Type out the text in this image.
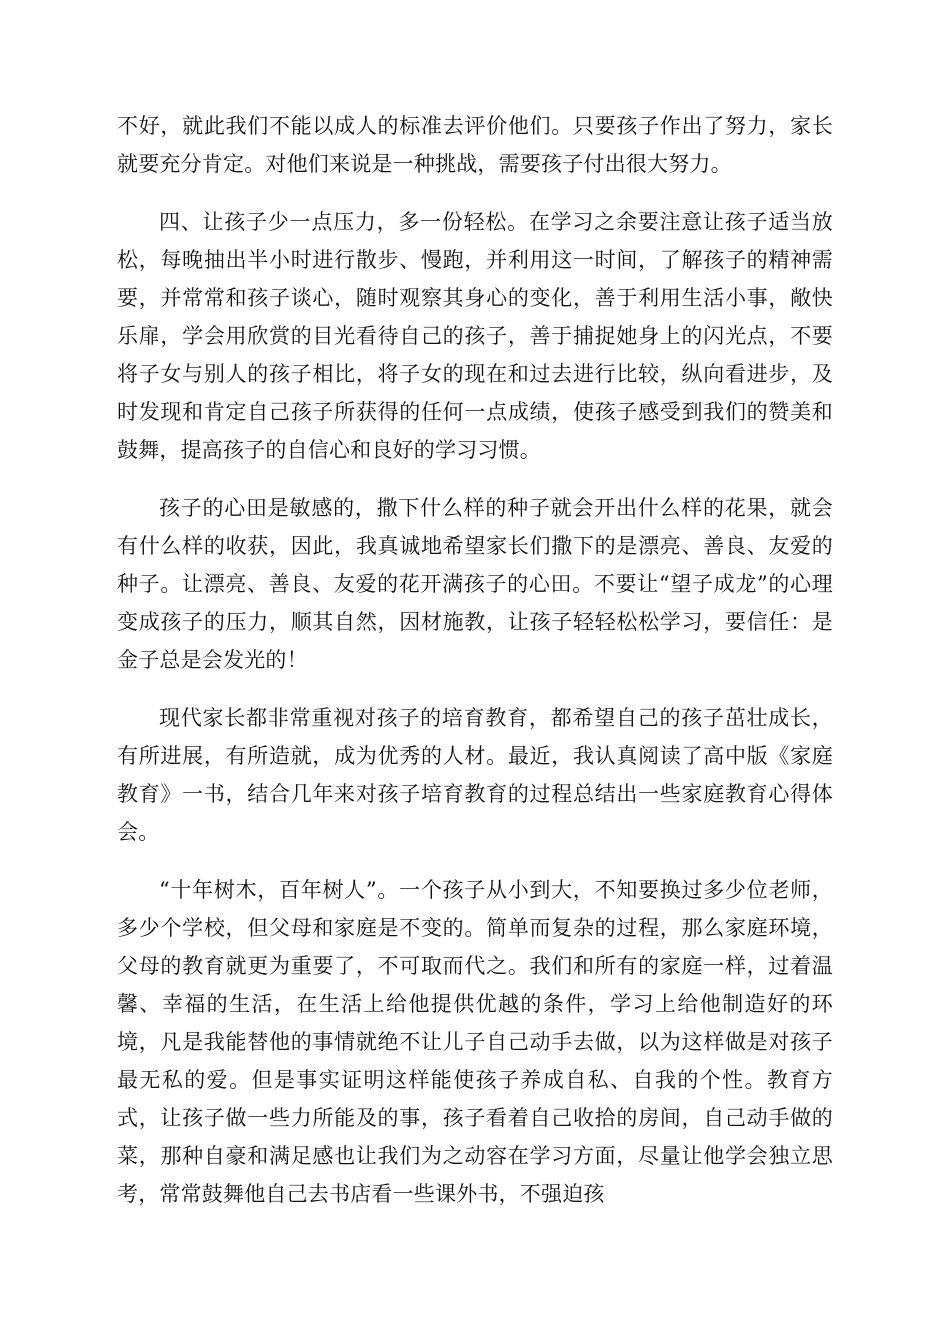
不好，就此我们不能以成人的标准去评价他们。只要孩子作出了努力，家长就要充分肯定。对他们来说是一种挑战，需要孩子付出很大努力。

四、让孩子少一点压力，多一份轻松。在学习之余要注意让孩子适当放松，每晚抽出半小时进行散步、慢跑，并利用这一时间，了解孩子的精神需要，并常常和孩子谈心，随时观察其身心的变化，善于利用生活小事，敞快乐扉，学会用欣赏的目光看待自己的孩子，善于捕捉她身上的闪光点，不要将子女与别人的孩子相比，将子女的现在和过去进行比较，纵向看进步，及时发现和肯定自己孩子所获得的任何一点成绩，使孩子感受到我们的赞美和鼓舞，提高孩子的自信心和良好的学习习惯。

孩子的心田是敏感的，撒下什么样的种子就会开出什么样的花果，就会有什么样的收获，因此，我真诚地希望家长们撒下的是漂亮、善良、友爱的种子。让漂亮、善良、友爱的花开满孩子的心田。不要让“望子成龙”的心理变成孩子的压力，顺其自然，因材施教，让孩子轻轻松松学习，要信任：是金子总是会发光的！

现代家长都非常重视对孩子的培育教育，都希望自己的孩子茁壮成长，有所进展，有所造就，成为优秀的人材。最近，我认真阅读了高中版《家庭教育》一书，结合几年来对孩子培育教育的过程总结出一些家庭教育心得体会。

“十年树木，百年树人”。一个孩子从小到大，不知要换过多少位老师，多少个学校，但父母和家庭是不变的。简单而复杂的过程，那么家庭环境，父母的教育就更为重要了，不可取而代之。我们和所有的家庭一样，过着温馨、幸福的生活，在生活上给他提供优越的条件，学习上给他制造好的环境，凡是我能替他的事情就绝不让儿子自己动手去做，以为这样做是对孩子最无私的爱。但是事实证明这样能使孩子养成自私、自我的个性。教育方式，让孩子做一些力所能及的事，孩子看着自己收拾的房间，自己动手做的菜，那种自豪和满足感也让我们为之动容在学习方面，尽量让他学会独立思考，常常鼓舞他自己去书店看一些课外书，不强迫孩
